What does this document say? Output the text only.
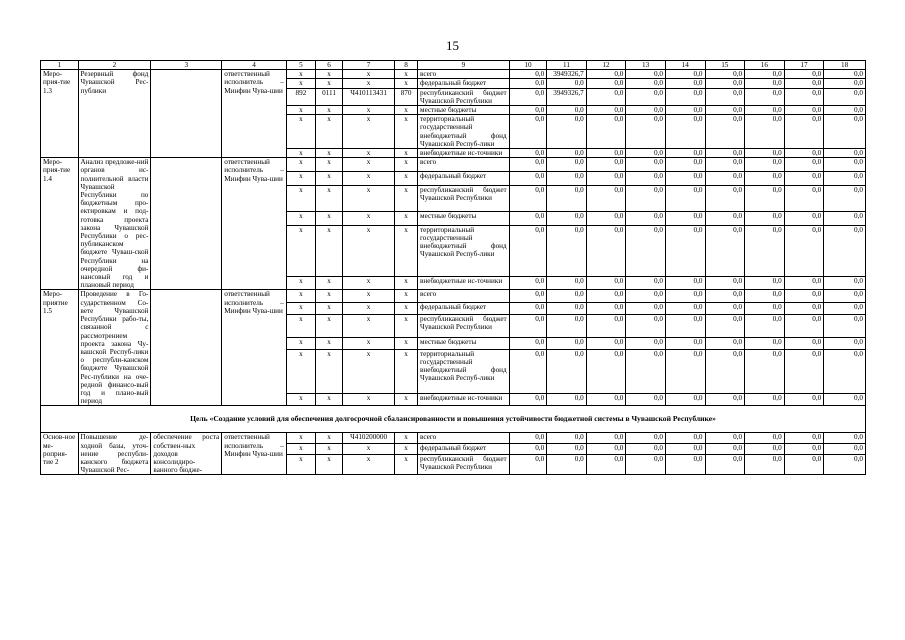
15
1	2	3	4	5	6	7	8	9	10	11	12	13	14	15	16	17	18
Меро-прия-тие 1.3	Резервный фонд Чувашской Рес-публики		ответственный исполнитель – Минфин Чува-шии	x	x	x	x	всего	0,0	3949326,7	0,0	0,0	0,0	0,0	0,0	0,0	0,0
				x	x	x	x	федеральный бюджет	0,0	0,0	0,0	0,0	0,0	0,0	0,0	0,0	0,0
				892	0111	Ч410113431	870	республиканский бюджет Чувашской Республики	0,0	3949326,7	0,0	0,0	0,0	0,0	0,0	0,0	0,0
				x	x	x	x	местные бюджеты	0,0	0,0	0,0	0,0	0,0	0,0	0,0	0,0	0,0
				x	x	x	x	территориальный государственный внебюджетный фонд Чувашской Респуб-лики	0,0	0,0	0,0	0,0	0,0	0,0	0,0	0,0	0,0
				x	x	x	x	внебюджетные ис-точники	0,0	0,0	0,0	0,0	0,0	0,0	0,0	0,0	0,0
Меро-прия-тие 1.4	Анализ предложе-ний органов ис-полнительной власти Чувашской Республики по бюджетным про-ектировкам и под-готовка проекта закона Чувашской Республики о рес-публиканском бюджете Чуваш-ской Республики на очередной фи-нансовый год и плановый период		ответственный исполнитель – Минфин Чува-шии	x	x	x	x	всего	0,0	0,0	0,0	0,0	0,0	0,0	0,0	0,0	0,0
				x	x	x	x	федеральный бюджет	0,0	0,0	0,0	0,0	0,0	0,0	0,0	0,0	0,0
				x	x	x	x	республиканский бюджет Чувашской Республики	0,0	0,0	0,0	0,0	0,0	0,0	0,0	0,0	0,0
				x	x	x	x	местные бюджеты	0,0	0,0	0,0	0,0	0,0	0,0	0,0	0,0	0,0
				x	x	x	x	территориальный государственный внебюджетный фонд Чувашской Респуб-лики	0,0	0,0	0,0	0,0	0,0	0,0	0,0	0,0	0,0
				x	x	x	x	внебюджетные ис-точники	0,0	0,0	0,0	0,0	0,0	0,0	0,0	0,0	0,0
Меро-приятие 1.5	Проведение в Го-сударственном Со-вете Чувашской Республики рабо-ты, связанной с рассмотрением проекта закона Чу-вашской Респуб-лики о республи-канском бюджете Чувашской Рес-публики на оче-редной финансо-вый год и плано-вый период		ответственный исполнитель – Минфин Чува-шии	x	x	x	x	всего	0,0	0,0	0,0	0,0	0,0	0,0	0,0	0,0	0,0
				x	x	x	x	федеральный бюджет	0,0	0,0	0,0	0,0	0,0	0,0	0,0	0,0	0,0
				x	x	x	x	республиканский бюджет Чувашской Республики	0,0	0,0	0,0	0,0	0,0	0,0	0,0	0,0	0,0
				x	x	x	x	местные бюджеты	0,0	0,0	0,0	0,0	0,0	0,0	0,0	0,0	0,0
				x	x	x	x	территориальный государственный внебюджетный фонд Чувашской Респуб-лики	0,0	0,0	0,0	0,0	0,0	0,0	0,0	0,0	0,0
				x	x	x	x	внебюджетные ис-точники	0,0	0,0	0,0	0,0	0,0	0,0	0,0	0,0	0,0
Цель «Создание условий для обеспечения долгосрочной сбалансированности и повышения устойчивости бюджетной системы в Чувашской Республике»																	
Основ-ное ме-роприя-тие 2	Повышение де-ходной базы, уточ-нение республи-канского бюджета Чувашской Рес-	обеспечение роста собствен-ных доходов консолидиро-ванного бюдже-	ответственный исполнитель – Минфин Чува-шии	x	x	Ч410200000	x	всего	0,0	0,0	0,0	0,0	0,0	0,0	0,0	0,0	0,0
				x	x	x	x	федеральный бюджет	0,0	0,0	0,0	0,0	0,0	0,0	0,0	0,0	0,0
				x	x	x	x	республиканский бюджет Чувашской Республики	0,0	0,0	0,0	0,0	0,0	0,0	0,0	0,0	0,0
